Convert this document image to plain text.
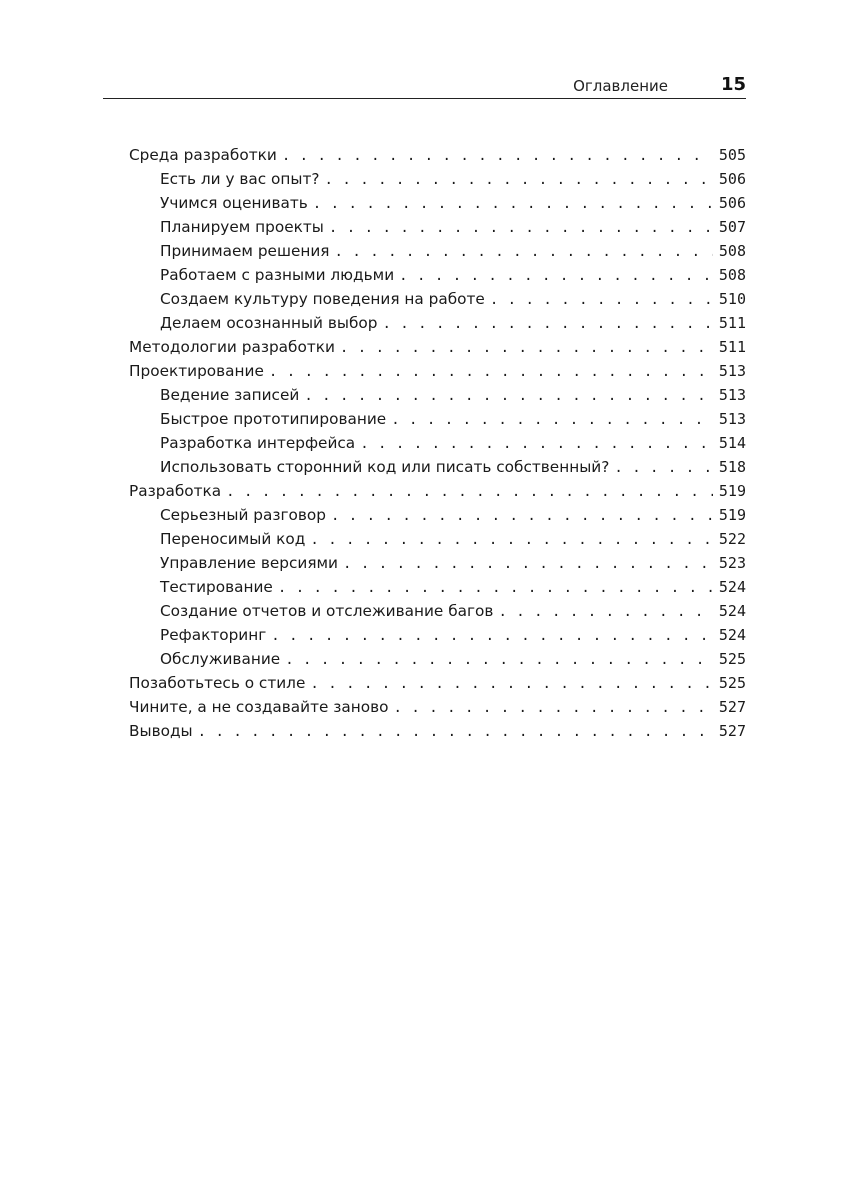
Оглавление	15
Среда разработки . . .	505
Есть ли у вас опыт? . . .	506
Учимся оценивать . . .	506
Планируем проекты . . .	507
Принимаем решения . . .	508
Работаем с разными людьми . . .	508
Создаем культуру поведения на работе . . .	510
Делаем осознанный выбор . . .	511
Методологии разработки . . .	511
Проектирование . . .	513
Ведение записей . . .	513
Быстрое прототипирование . . .	513
Разработка интерфейса . . .	514
Использовать сторонний код или писать собственный? . . .	518
Разработка . . .	519
Серьезный разговор . . .	519
Переносимый код . . .	522
Управление версиями . . .	523
Тестирование . . .	524
Создание отчетов и отслеживание багов . . .	524
Рефакторинг . . .	524
Обслуживание . . .	525
Позаботьтесь о стиле . . .	525
Чините, а не создавайте заново . . .	527
Выводы . . .	527
